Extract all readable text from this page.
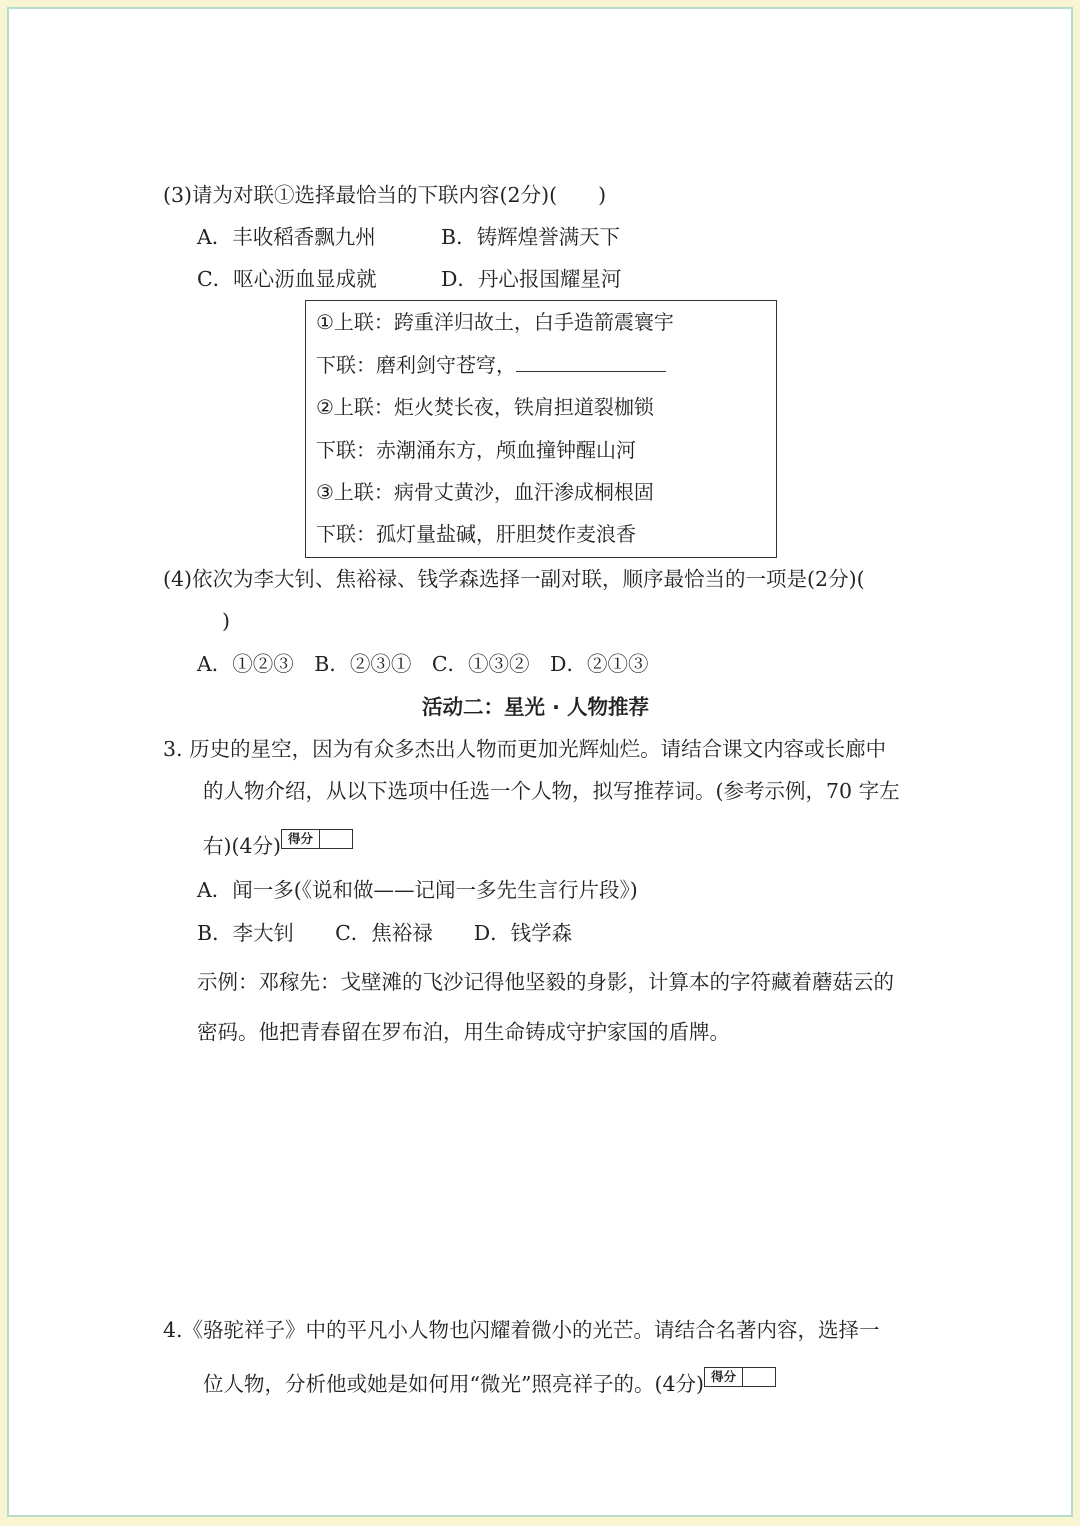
(3)请为对联①选择最恰当的下联内容(2分)(　　)
A．丰收稻香飘九州	B．铸辉煌誉满天下
C．呕心沥血显成就	D．丹心报国耀星河
①上联：跨重洋归故土，白手造箭震寰宇
下联：磨利剑守苍穹，
②上联：炬火焚长夜，铁肩担道裂枷锁
下联：赤潮涌东方，颅血撞钟醒山河
③上联：病骨丈黄沙，血汗渗成桐根固
下联：孤灯量盐碱，肝胆焚作麦浪香
(4)依次为李大钊、焦裕禄、钱学森选择一副对联，顺序最恰当的一项是(2分)(
)
A．①②③　B．②③①　C．①③②　D．②①③
活动二：星光 · 人物推荐
3. 历史的星空，因为有众多杰出人物而更加光辉灿烂。请结合课文内容或长廊中
的人物介绍，从以下选项中任选一个人物，拟写推荐词。(参考示例，70 字左
右)(4分) 得分
A．闻一多(《说和做——记闻一多先生言行片段》)
B．李大钊　　C．焦裕禄　　D．钱学森
示例：邓稼先：戈壁滩的飞沙记得他坚毅的身影，计算本的字符藏着蘑菇云的
密码。他把青春留在罗布泊，用生命铸成守护家国的盾牌。
4.《骆驼祥子》中的平凡小人物也闪耀着微小的光芒。请结合名著内容，选择一
位人物，分析他或她是如何用“微光”照亮祥子的。(4分) 得分
